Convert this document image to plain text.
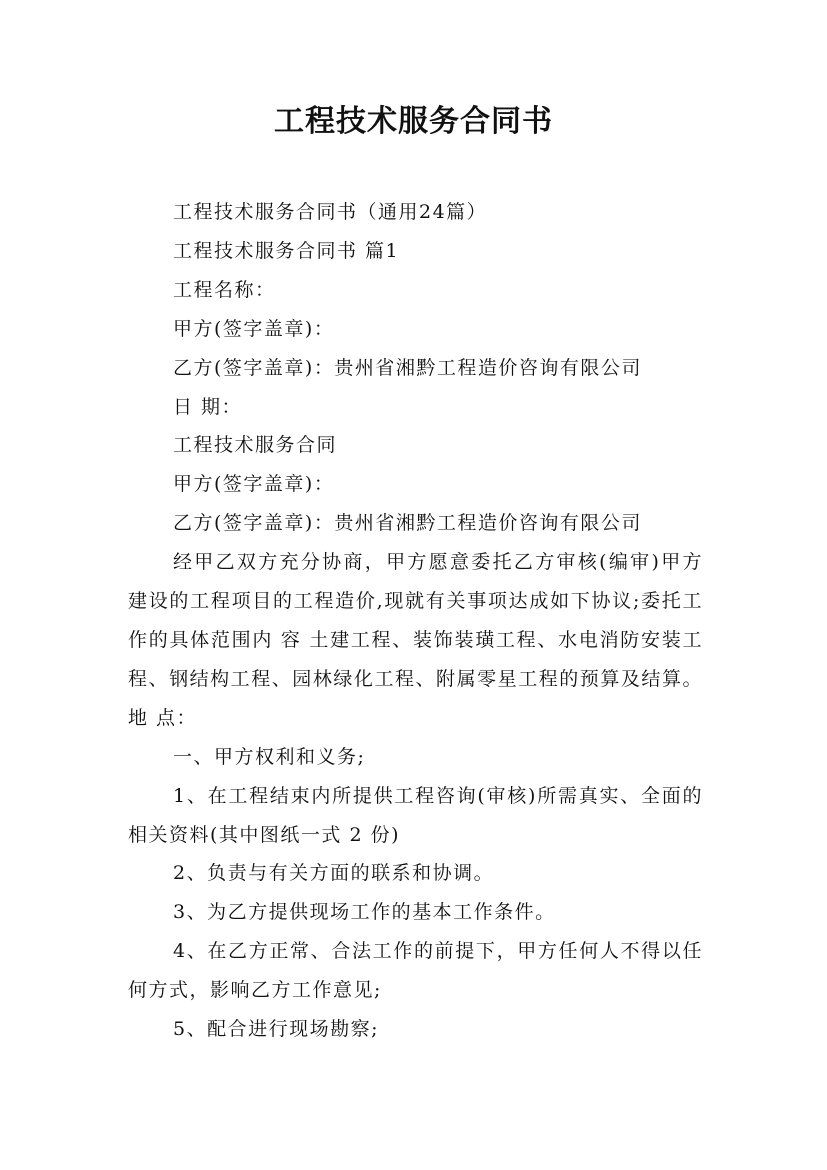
工程技术服务合同书

工程技术服务合同书（通用24篇）

工程技术服务合同书 篇1

工程名称：

甲方(签字盖章)：

乙方(签字盖章)：贵州省湘黔工程造价咨询有限公司

日 期：

工程技术服务合同

甲方(签字盖章)：

乙方(签字盖章)：贵州省湘黔工程造价咨询有限公司

经甲乙双方充分协商，甲方愿意委托乙方审核(编审)甲方建设的工程项目的工程造价,现就有关事项达成如下协议;委托工作的具体范围内 容 土建工程、装饰装璜工程、水电消防安装工程、钢结构工程、园林绿化工程、附属零星工程的预算及结算。 地 点：

一、甲方权利和义务;

1、在工程结束内所提供工程咨询(审核)所需真实、全面的相关资料(其中图纸一式 2 份)

2、负责与有关方面的联系和协调。

3、为乙方提供现场工作的基本工作条件。

4、在乙方正常、合法工作的前提下，甲方任何人不得以任何方式，影响乙方工作意见;

5、配合进行现场勘察;
